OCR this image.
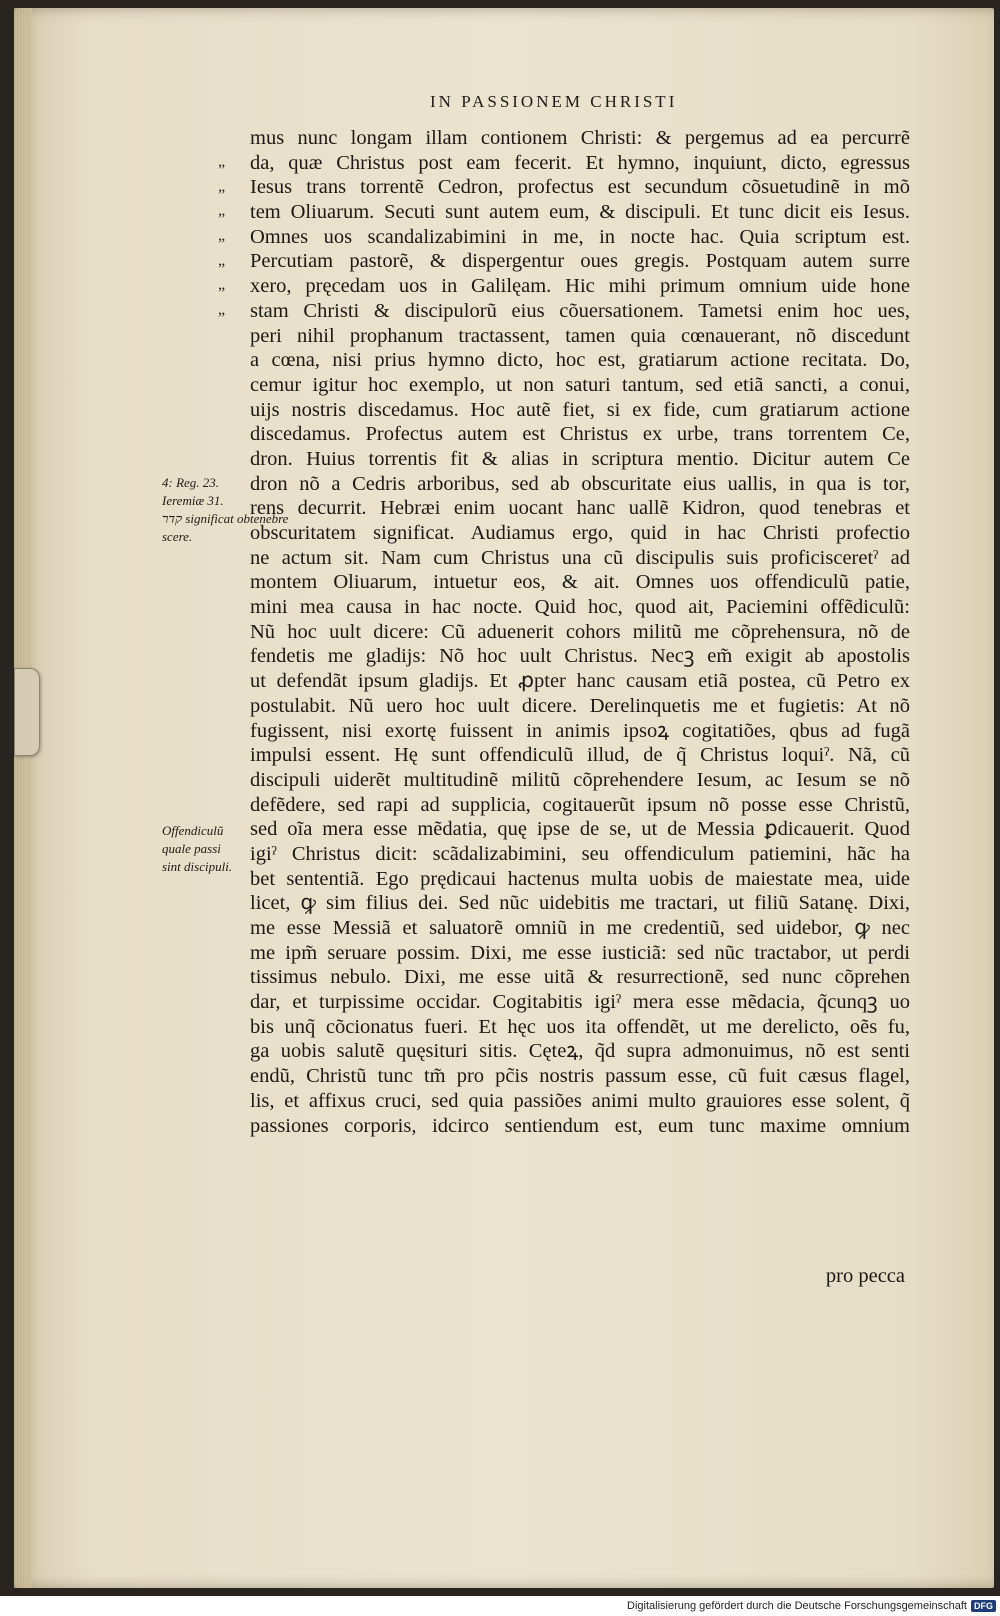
IN PASSIONEM CHRISTI
„
„
„
„
„
„
„
mus nunc longam illam contionem Christi: & pergemus ad ea percurrẽ
da, quæ Christus post eam fecerit. Et hymno, inquiunt, dicto, egressus
Iesus trans torrentẽ Cedron, profectus est secundum cõsuetudinẽ in mõ
tem Oliuarum. Secuti sunt autem eum, & discipuli. Et tunc dicit eis Iesus.
Omnes uos scandalizabimini in me, in nocte hac. Quia scriptum est.
Percutiam pastorẽ, & dispergentur oues gregis. Postquam autem surre
xero, pręcedam uos in Galilęam. Hic mihi primum omnium uide hone
stam Christi & discipulorũ eius cõuersationem. Tametsi enim hoc ues,
peri nihil prophanum tractassent, tamen quia cœnauerant, nõ discedunt
a cœna, nisi prius hymno dicto, hoc est, gratiarum actione recitata. Do,
cemur igitur hoc exemplo, ut non saturi tantum, sed etiã sancti, a conui,
uijs nostris discedamus. Hoc autẽ fiet, si ex fide, cum gratiarum actione
discedamus. Profectus autem est Christus ex urbe, trans torrentem Ce,
dron. Huius torrentis fit & alias in scriptura mentio. Dicitur autem Ce
dron nõ a Cedris arboribus, sed ab obscuritate eius uallis, in qua is tor,
rens decurrit. Hebræi enim uocant hanc uallẽ Kidron, quod tenebras et
obscuritatem significat. Audiamus ergo, quid in hac Christi profectio
ne actum sit. Nam cum Christus una cũ discipulis suis proficisceretˀ ad
montem Oliuarum, intuetur eos, & ait. Omnes uos offendiculũ patie,
mini mea causa in hac nocte. Quid hoc, quod ait, Paciemini offẽdiculũ:
Nũ hoc uult dicere: Cũ aduenerit cohors militũ me cõprehensura, nõ de
fendetis me gladijs: Nõ hoc uult Christus. Necꝫ em̃ exigit ab apostolis
ut defendãt ipsum gladijs. Et ꝓpter hanc causam etiã postea, cũ Petro ex
postulabit. Nũ uero hoc uult dicere. Derelinquetis me et fugietis: At nõ
fugissent, nisi exortę fuissent in animis ipsoꝝ cogitatiões, qbus ad fugã
impulsi essent. Hę sunt offendiculũ illud, de q̃ Christus loquiˀ. Nã, cũ
discipuli uiderẽt multitudinẽ militũ cõprehendere Iesum, ac Iesum se nõ
defẽdere, sed rapi ad supplicia, cogitauerũt ipsum nõ posse esse Christũ,
sed oĩa mera esse mẽdatia, quę ipse de se, ut de Messia ꝑdicauerit. Quod
igiˀ Christus dicit: scãdalizabimini, seu offendiculum patiemini, hãc ha
bet sententiã. Ego prędicaui hactenus multa uobis de maiestate mea, uide
licet, ꝙ sim filius dei. Sed nũc uidebitis me tractari, ut filiũ Satanę. Dixi,
me esse Messiã et saluatorẽ omniũ in me credentiũ, sed uidebor, ꝙ nec
me ipm̃ seruare possim. Dixi, me esse iusticiã: sed nũc tractabor, ut perdi
tissimus nebulo. Dixi, me esse uitã & resurrectionẽ, sed nunc cõprehen
dar, et turpissime occidar. Cogitabitis igiˀ mera esse mẽdacia, q̃cunqꝫ uo
bis unq̃ cõcionatus fueri. Et hęc uos ita offendẽt, ut me derelicto, oẽs fu,
ga uobis salutẽ quęsituri sitis. Cęteꝝ, q̃d supra admonuimus, nõ est senti
endũ, Christũ tunc tm̃ pro pc̃is nostris passum esse, cũ fuit cæsus flagel,
lis, et affixus cruci, sed quia passiões animi multo grauiores esse solent, q̃
passiones corporis, idcirco sentiendum est, eum tunc maxime omnium
4: Reg. 23.
Ieremiæ 31.
קדר significat obtenebre
scere.
Offendiculũ
quale passi
sint discipuli.
pro pecca
Digitalisierung gefördert durch die Deutsche Forschungsgemeinschaft DFG
